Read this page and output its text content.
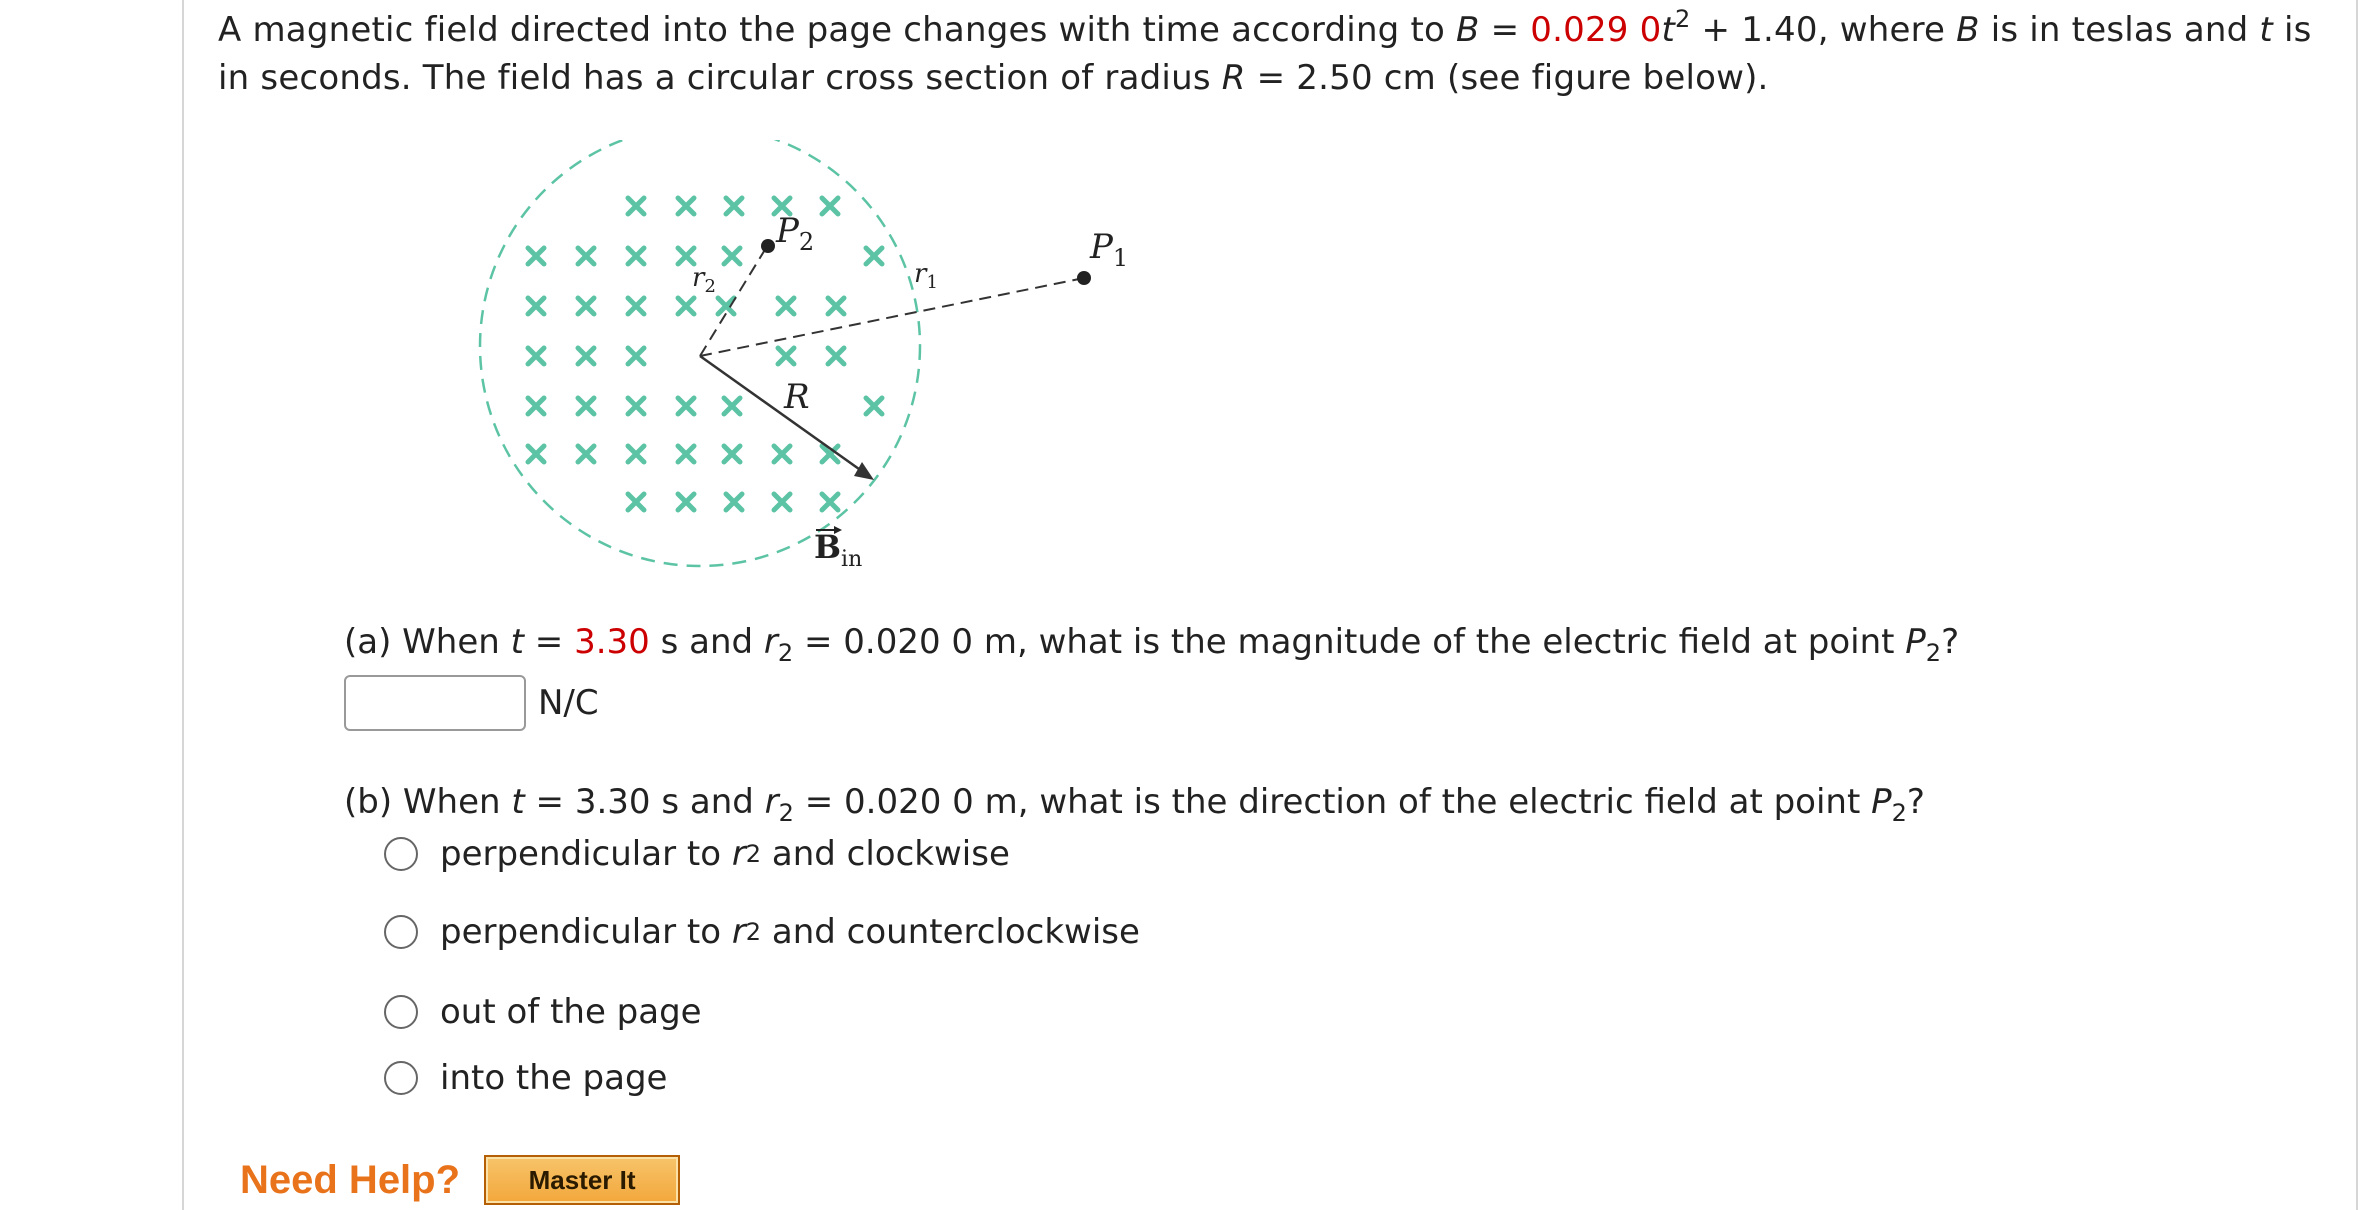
A magnetic field directed into the page changes with time according to B = 0.029 $0t^2 + 1.40$, where B is in teslas and t is in seconds. The field has a circular cross section of radius R = 2.50 cm (see figure below).
$P_2$	$P_1$
$r_1$
$r_2$
R
$B_{in}$
(a) When t = 3.30 s and $r_2 = 0.020$ 0 m, what is the magnitude of the electric field at point $P_2$?
N/C
(b) When t = 3.30 s and $r_2 = 0.020$ 0 m, what is the direction of the electric field at point $P_2$?
perpendicular to
r 2 and clockwise
perpendicular to
r 2 and counterclockwise
out of the page
into the page
Need Help?	Master It
